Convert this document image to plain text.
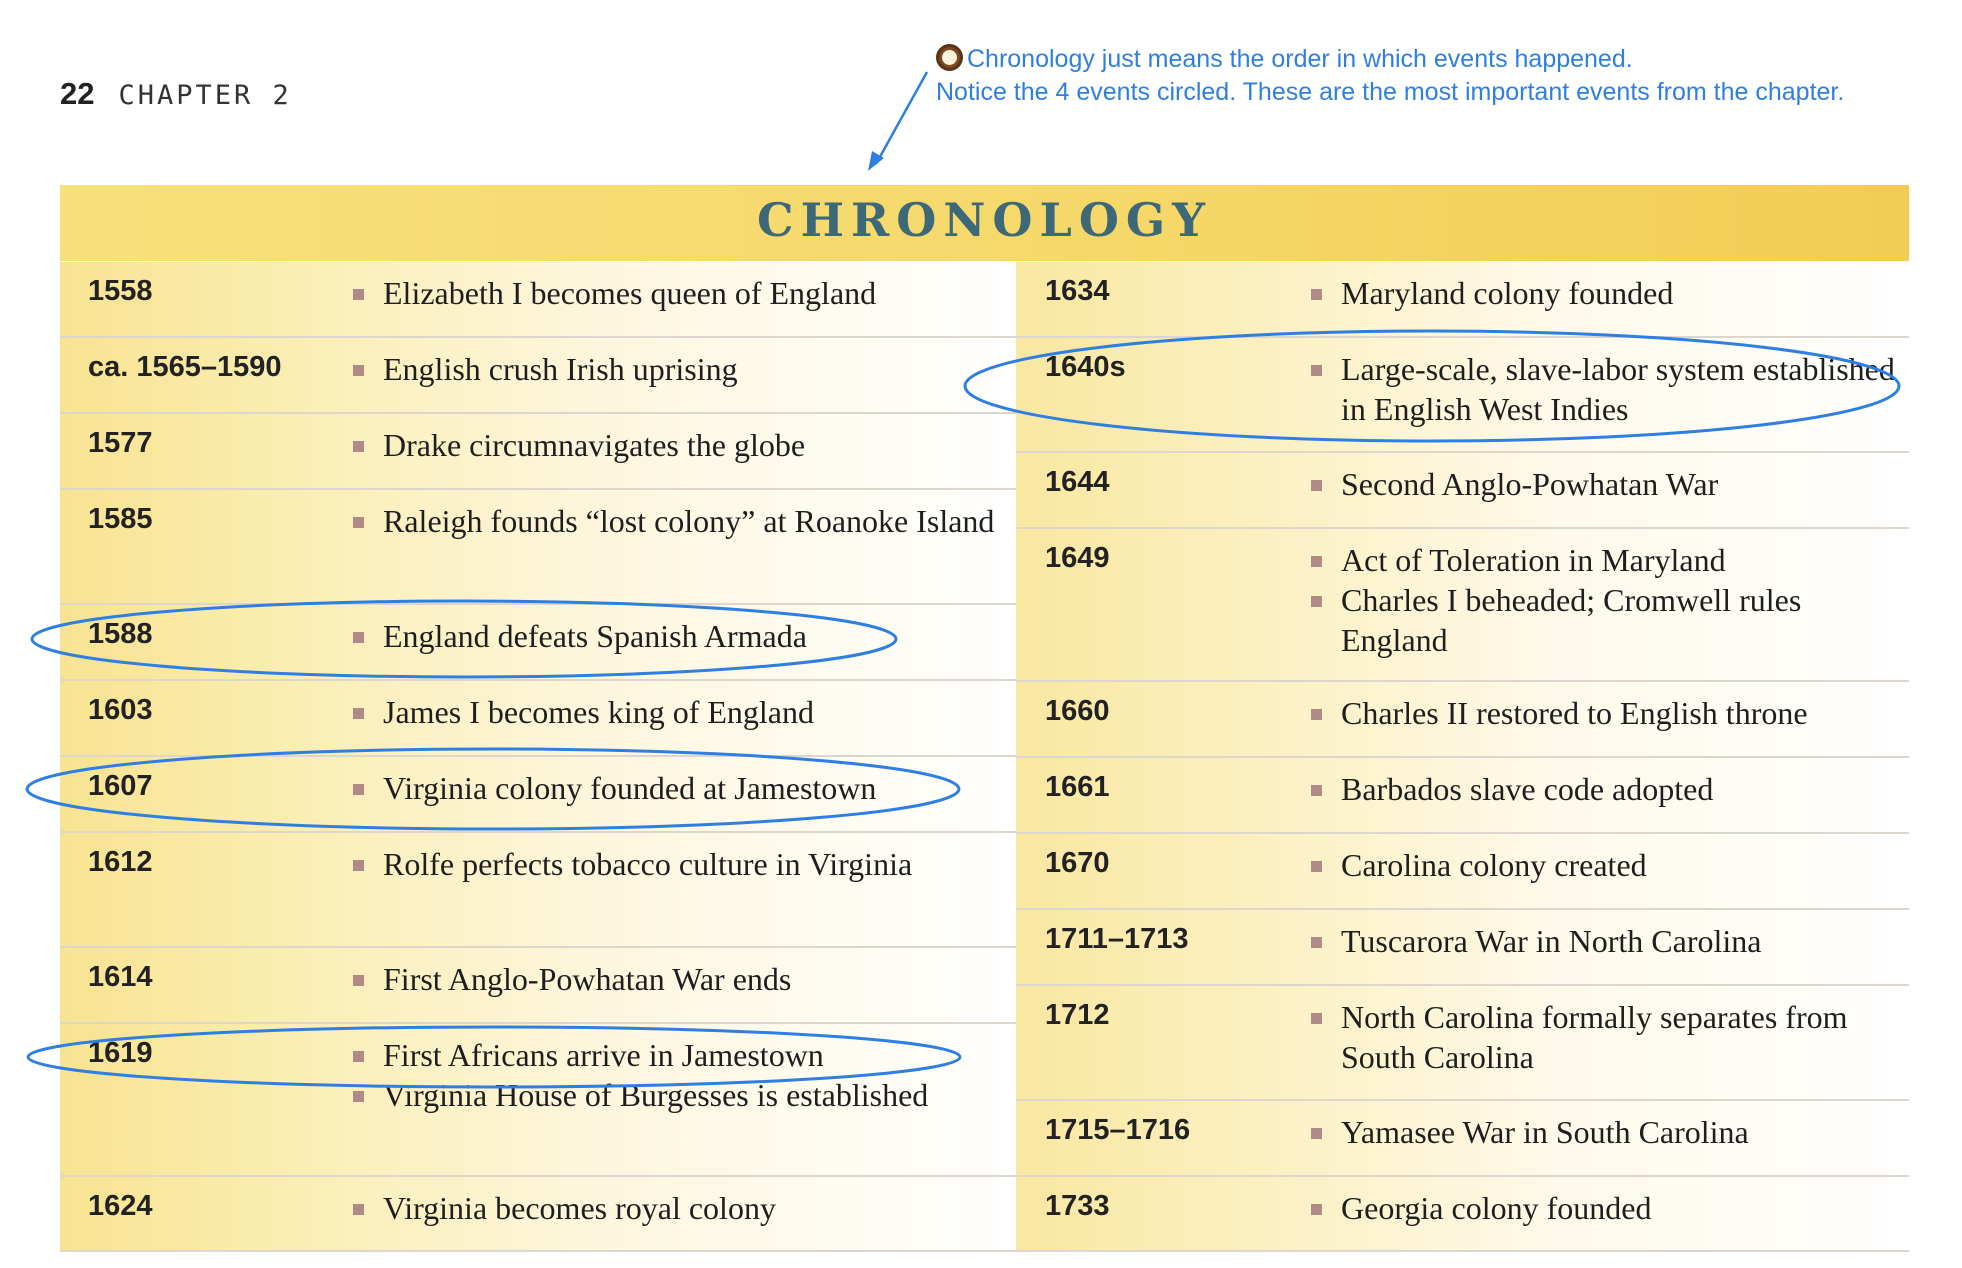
22 CHAPTER 2
Chronology just means the order in which events happened.
Notice the 4 events circled. These are the most important events from the chapter.
CHRONOLOGY
1558	Elizabeth I becomes queen of England
ca. 1565–1590	English crush Irish uprising
1577	Drake circumnavigates the globe
1585	Raleigh founds “lost colony” at Roanoke Island
1588	England defeats Spanish Armada
1603	James I becomes king of England
1607	Virginia colony founded at Jamestown
1612	Rolfe perfects tobacco culture in Virginia
1614	First Anglo-Powhatan War ends
1619	First Africans arrive in Jamestown
Virginia House of Burgesses is established
1624	Virginia becomes royal colony
1634	Maryland colony founded
1640s	Large-scale, slave-labor system established in English West Indies
1644	Second Anglo-Powhatan War
1649	Act of Toleration in Maryland
Charles I beheaded; Cromwell rules England
1660	Charles II restored to English throne
1661	Barbados slave code adopted
1670	Carolina colony created
1711–1713	Tuscarora War in North Carolina
1712	North Carolina formally separates from South Carolina
1715–1716	Yamasee War in South Carolina
1733	Georgia colony founded
